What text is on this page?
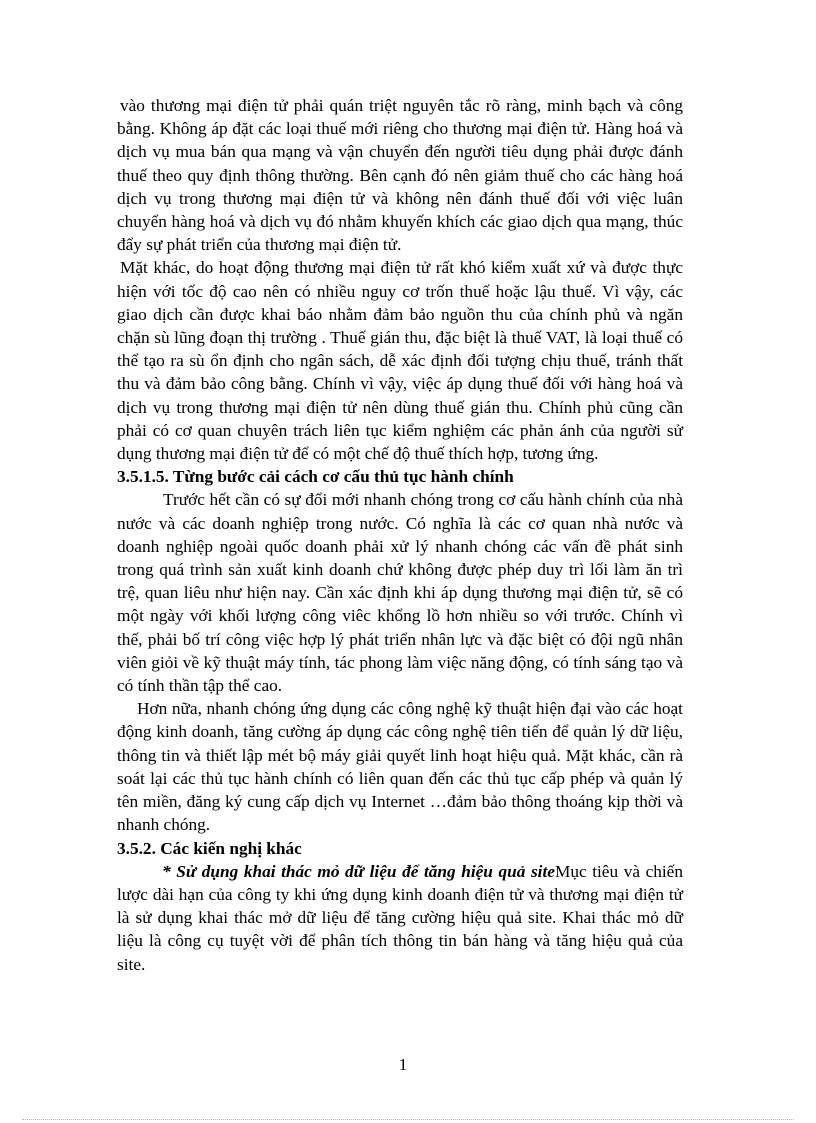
vào thương mại điện tử phải quán triệt nguyên tắc rõ ràng, minh bạch và công bằng. Không áp đặt các loại thuế mới riêng cho thương mại điện tử. Hàng hoá và dịch vụ mua bán qua mạng và vận chuyển đến người tiêu dụng phải được đánh thuế theo quy định thông thường. Bên cạnh đó nên giảm thuế cho các hàng hoá dịch vụ trong thương mại điện tử và không nên đánh thuế đối với việc luân chuyển hàng hoá và dịch vụ đó nhằm khuyến khích các giao dịch qua mạng, thúc đẩy sự phát triển của thương mại điện tử.

Mặt khác, do hoạt động thương mại điện tử rất khó kiểm xuất xứ và được thực hiện với tốc độ cao nên có nhiều nguy cơ trốn thuế hoặc lậu thuế. Vì vậy, các giao dịch cần được khai báo nhằm đảm bảo nguồn thu của chính phủ và ngăn chặn sù lũng đoạn thị trường . Thuế gián thu, đặc biệt là thuế VAT, là loại thuế có thể tạo ra sù ổn định cho ngân sách, dễ xác định đối tượng chịu thuế, tránh thất thu và đảm bảo công bằng. Chính vì vậy, việc áp dụng thuế đối với hàng hoá và dịch vụ trong thương mại điện tử nên dùng thuế gián thu. Chính phủ cũng cần phải có cơ quan chuyên trách liên tục kiểm nghiệm các phản ánh của người sử dụng thương mại điện tử để có một chế độ thuế thích hợp, tương ứng.

3.5.1.5. Từng bước cải cách cơ cấu thủ tục hành chính

Trước hết cần có sự đổi mới nhanh chóng trong cơ cấu hành chính của nhà nước và các doanh nghiệp trong nước. Có nghĩa là các cơ quan nhà nước và doanh nghiệp ngoài quốc doanh phải xử lý nhanh chóng các vấn đề phát sinh trong quá trình sản xuất kinh doanh chứ không được phép duy trì lối làm ăn trì trệ, quan liêu như hiện nay. Cần xác định khi áp dụng thương mại điện tử, sẽ có một ngày với khối lượng công viêc khổng lồ hơn nhiều so với trước. Chính vì thế, phải bố trí công việc hợp lý phát triển nhân lực và đặc biệt có đội ngũ nhân viên giỏi về kỹ thuật máy tính, tác phong làm việc năng động, có tính sáng tạo và có tính thần tập thể cao.

Hơn nữa, nhanh chóng ứng dụng các công nghệ kỹ thuật hiện đại vào các hoạt động kinh doanh, tăng cường áp dụng các công nghệ tiên tiến để quản lý dữ liệu, thông tin và thiết lập mét bộ máy giải quyết linh hoạt hiệu quả. Mặt khác, cần rà soát lại các thủ tục hành chính có liên quan đến các thủ tục cấp phép và quản lý tên miền, đăng ký cung cấp dịch vụ Internet …đảm bảo thông thoáng kịp thời và nhanh chóng.

3.5.2. Các kiến nghị khác

* Sử dụng khai thác mỏ dữ liệu để tăng hiệu quả siteMục tiêu và chiến lược dài hạn của công ty khi ứng dụng kinh doanh điện tử và thương mại điện tử là sử dụng khai thác mở dữ liệu để tăng cường hiệu quả site. Khai thác mỏ dữ liệu là công cụ tuyệt vời để phân tích thông tin bán hàng và tăng hiệu quả của site.

1
